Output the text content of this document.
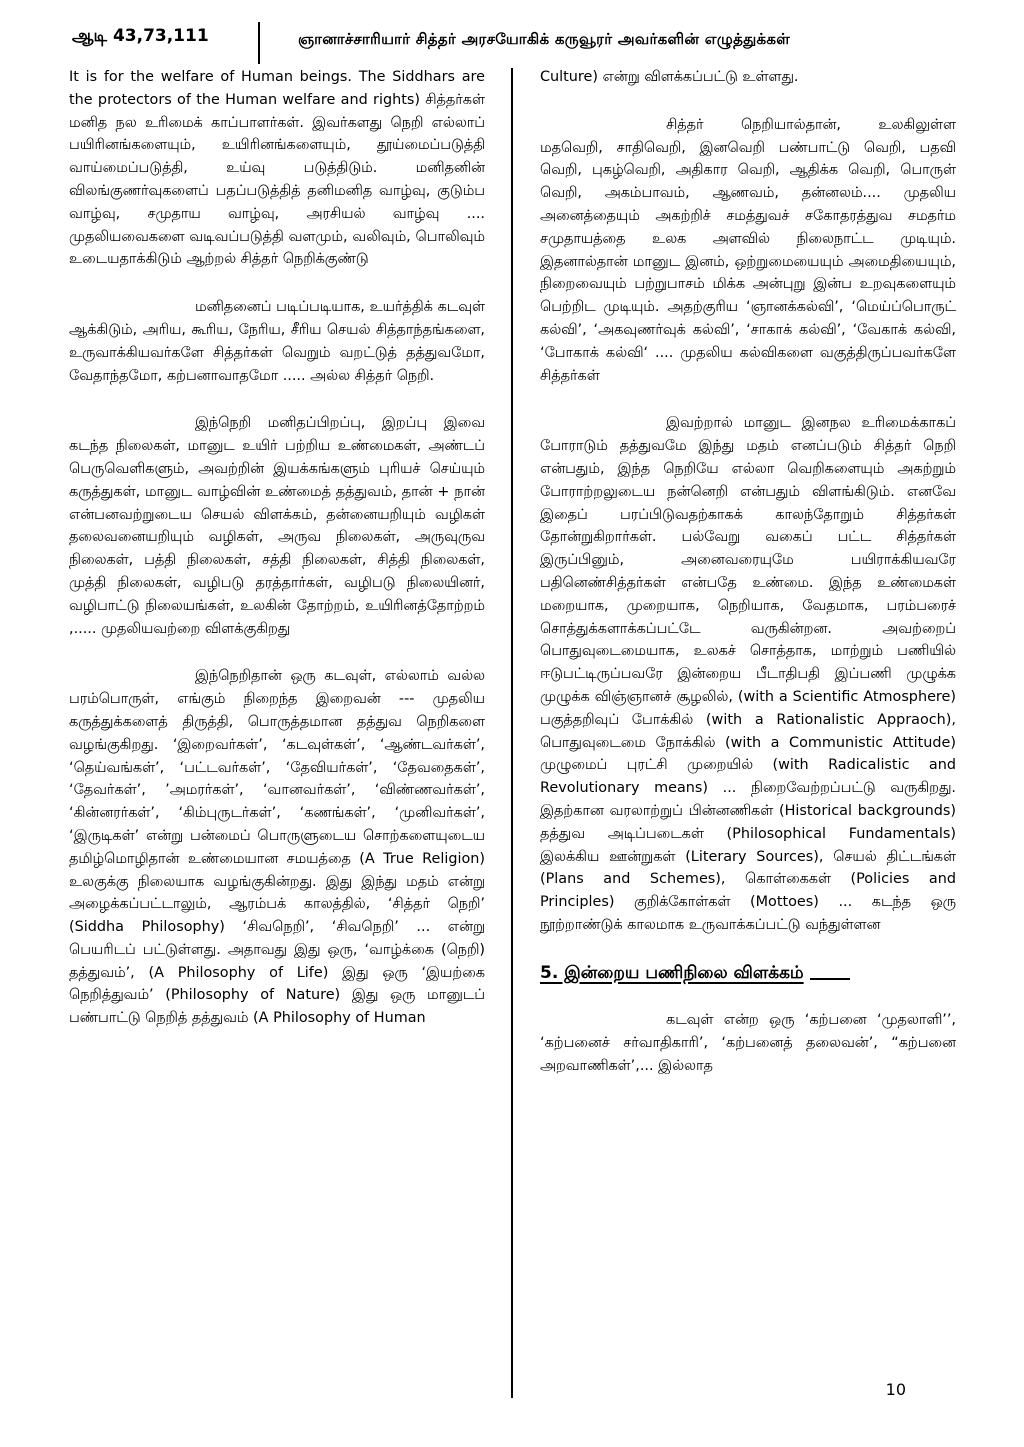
ஆடி 43,73,111	ஞானாச்சாரியார் சித்தர் அரசயோகிக் கருவூரர் அவர்களின் எழுத்துக்கள்

It is for the welfare of Human beings. The Siddhars are the protectors of the Human welfare and rights) சித்தர்கள் மனித நல உரிமைக் காப்பாளர்கள். இவர்களது நெறி எல்லாப் பயிரினங்களையும், உயிரினங்களையும், தூய்மைப்படுத்தி வாய்மைப்படுத்தி, உய்வு படுத்திடும். மனிதனின் விலங்குணர்வுகளைப் பதப்படுத்தித் தனிமனித வாழ்வு, குடும்ப வாழ்வு, சமுதாய வாழ்வு, அரசியல் வாழ்வு .... முதலியவைகளை வடிவப்படுத்தி வளமும், வலிவும், பொலிவும் உடையதாக்கிடும் ஆற்றல் சித்தர் நெறிக்குண்டு

மனிதனைப் படிப்படியாக, உயர்த்திக் கடவுள் ஆக்கிடும், அரிய, கூரிய, நேரிய, சீரிய செயல் சித்தாந்தங்களை, உருவாக்கியவர்களே சித்தர்கள் வெறும் வறட்டுத் தத்துவமோ, வேதாந்தமோ, கற்பனாவாதமோ ..... அல்ல சித்தர் நெறி.

இந்நெறி மனிதப்பிறப்பு, இறப்பு இவை கடந்த நிலைகள், மானுட உயிர் பற்றிய உண்மைகள், அண்டப் பெருவெளிகளும், அவற்றின் இயக்கங்களும் புரியச் செய்யும் கருத்துகள், மானுட வாழ்வின் உண்மைத் தத்துவம், தான் + நான் என்பனவற்றுடைய செயல் விளக்கம், தன்னையறியும் வழிகள் தலைவனையறியும் வழிகள், அருவ நிலைகள், அருவுருவ நிலைகள், பத்தி நிலைகள், சத்தி நிலைகள், சித்தி நிலைகள், முத்தி நிலைகள், வழிபடு தரத்தார்கள், வழிபடு நிலையினர், வழிபாட்டு நிலையங்கள், உலகின் தோற்றம், உயிரினத்தோற்றம் ,..... முதலியவற்றை விளக்குகிறது

இந்நெறிதான் ஒரு கடவுள், எல்லாம் வல்ல பரம்பொருள், எங்கும் நிறைந்த இறைவன் --- முதலிய கருத்துக்களைத் திருத்தி, பொருத்தமான தத்துவ நெறிகளை வழங்குகிறது. ‘இறைவர்கள்’, ‘கடவுள்கள்’, ‘ஆண்டவர்கள்’, ‘தெய்வங்கள்’, ‘பட்டவர்கள்’, ‘தேவியர்கள்’, ‘தேவதைகள்’, ‘தேவர்கள்’, ’அமரர்கள்’, ‘வானவர்கள்’, ‘விண்ணவர்கள்’, ‘கின்னரர்கள்’, ‘கிம்புருடர்கள்’, ‘கணங்கள்’, ‘முனிவர்கள்’, ‘இருடிகள்’ என்று பன்மைப் பொருளுடைய சொற்களையுடைய தமிழ்மொழிதான் உண்மையான சமயத்தை (A True Religion) உலகுக்கு நிலையாக வழங்குகின்றது. இது இந்து மதம் என்று அழைக்கப்பட்டாலும், ஆரம்பக் காலத்தில், ‘சித்தர் நெறி’ (Siddha Philosophy) ‘சிவநெறி’, ‘சிவநெறி’ ... என்று பெயரிடப் பட்டுள்ளது. அதாவது இது ஒரு, ‘வாழ்க்கை (நெறி) தத்துவம்’, (A Philosophy of Life) இது ஒரு ‘இயற்கை நெறித்துவம்’ (Philosophy of Nature) இது ஒரு மானுடப் பண்பாட்டு நெறித் தத்துவம் (A Philosophy of Human

Culture) என்று விளக்கப்பட்டு உள்ளது.

சித்தர் நெறியால்தான், உலகிலுள்ள மதவெறி, சாதிவெறி, இனவெறி பண்பாட்டு வெறி, பதவி வெறி, புகழ்வெறி, அதிகார வெறி, ஆதிக்க வெறி, பொருள் வெறி, அகம்பாவம், ஆணவம், தன்னலம்.... முதலிய அனைத்தையும் அகற்றிச் சமத்துவச் சகோதரத்துவ சமதர்ம சமுதாயத்தை உலக அளவில் நிலைநாட்ட முடியும். இதனால்தான் மானுட இனம், ஒற்றுமையையும் அமைதியையும், நிறைவையும் பற்றுபாசம் மிக்க அன்புறு இன்ப உறவுகளையும் பெற்றிட முடியும். அதற்குரிய ‘ஞானக்கல்வி’, ‘மெய்ப்பொருட் கல்வி’, ‘அகவுணர்வுக் கல்வி’, ‘சாகாக் கல்வி’, ‘வேகாக் கல்வி, ‘போகாக் கல்வி‘ .... முதலிய கல்விகளை வகுத்திருப்பவர்களே சித்தர்கள்

இவற்றால் மானுட இனநல உரிமைக்காகப் போராடும் தத்துவமே இந்து மதம் எனப்படும் சித்தர் நெறி என்பதும், இந்த நெறியே எல்லா வெறிகளையும் அகற்றும் போராற்றலுடைய நன்னெறி என்பதும் விளங்கிடும். எனவே இதைப் பரப்பிடுவதற்காகக் காலந்தோறும் சித்தர்கள் தோன்றுகிறார்கள். பல்வேறு வகைப் பட்ட சித்தர்கள் இருப்பினும், அனைவரையுமே பயிராக்கியவரே பதினெண்சித்தர்கள் என்பதே உண்மை. இந்த உண்மைகள் மறையாக, முறையாக, நெறியாக, வேதமாக, பரம்பரைச் சொத்துக்களாக்கப்பட்டே வருகின்றன. அவற்றைப் பொதுவுடைமையாக, உலகச் சொத்தாக, மாற்றும் பணியில் ஈடுபட்டிருப்பவரே இன்றைய பீடாதிபதி இப்பணி முழுக்க முழுக்க விஞ்ஞானச் சூழலில், (with a Scientific Atmosphere) பகுத்தறிவுப் போக்கில் (with a Rationalistic Appraoch), பொதுவுடைமை நோக்கில் (with a Communistic Attitude) முழுமைப் புரட்சி முறையில் (with Radicalistic and Revolutionary means) ... நிறைவேற்றப்பட்டு வருகிறது. இதற்கான வரலாற்றுப் பின்னணிகள் (Historical backgrounds) தத்துவ அடிப்படைகள் (Philosophical Fundamentals) இலக்கிய ஊன்றுகள் (Literary Sources), செயல் திட்டங்கள் (Plans and Schemes), கொள்கைகள் (Policies and Principles) குறிக்கோள்கள் (Mottoes) ... கடந்த ஒரு நூற்றாண்டுக் காலமாக உருவாக்கப்பட்டு வந்துள்ளன

5. இன்றைய பணிநிலை விளக்கம்

கடவுள் என்ற ஒரு ‘கற்பனை ‘முதலாளி’’, ‘கற்பனைச் சர்வாதிகாரி’, ‘கற்பனைத் தலைவன்’, “கற்பனை அறவாணிகள்’,... இல்லாத

10
